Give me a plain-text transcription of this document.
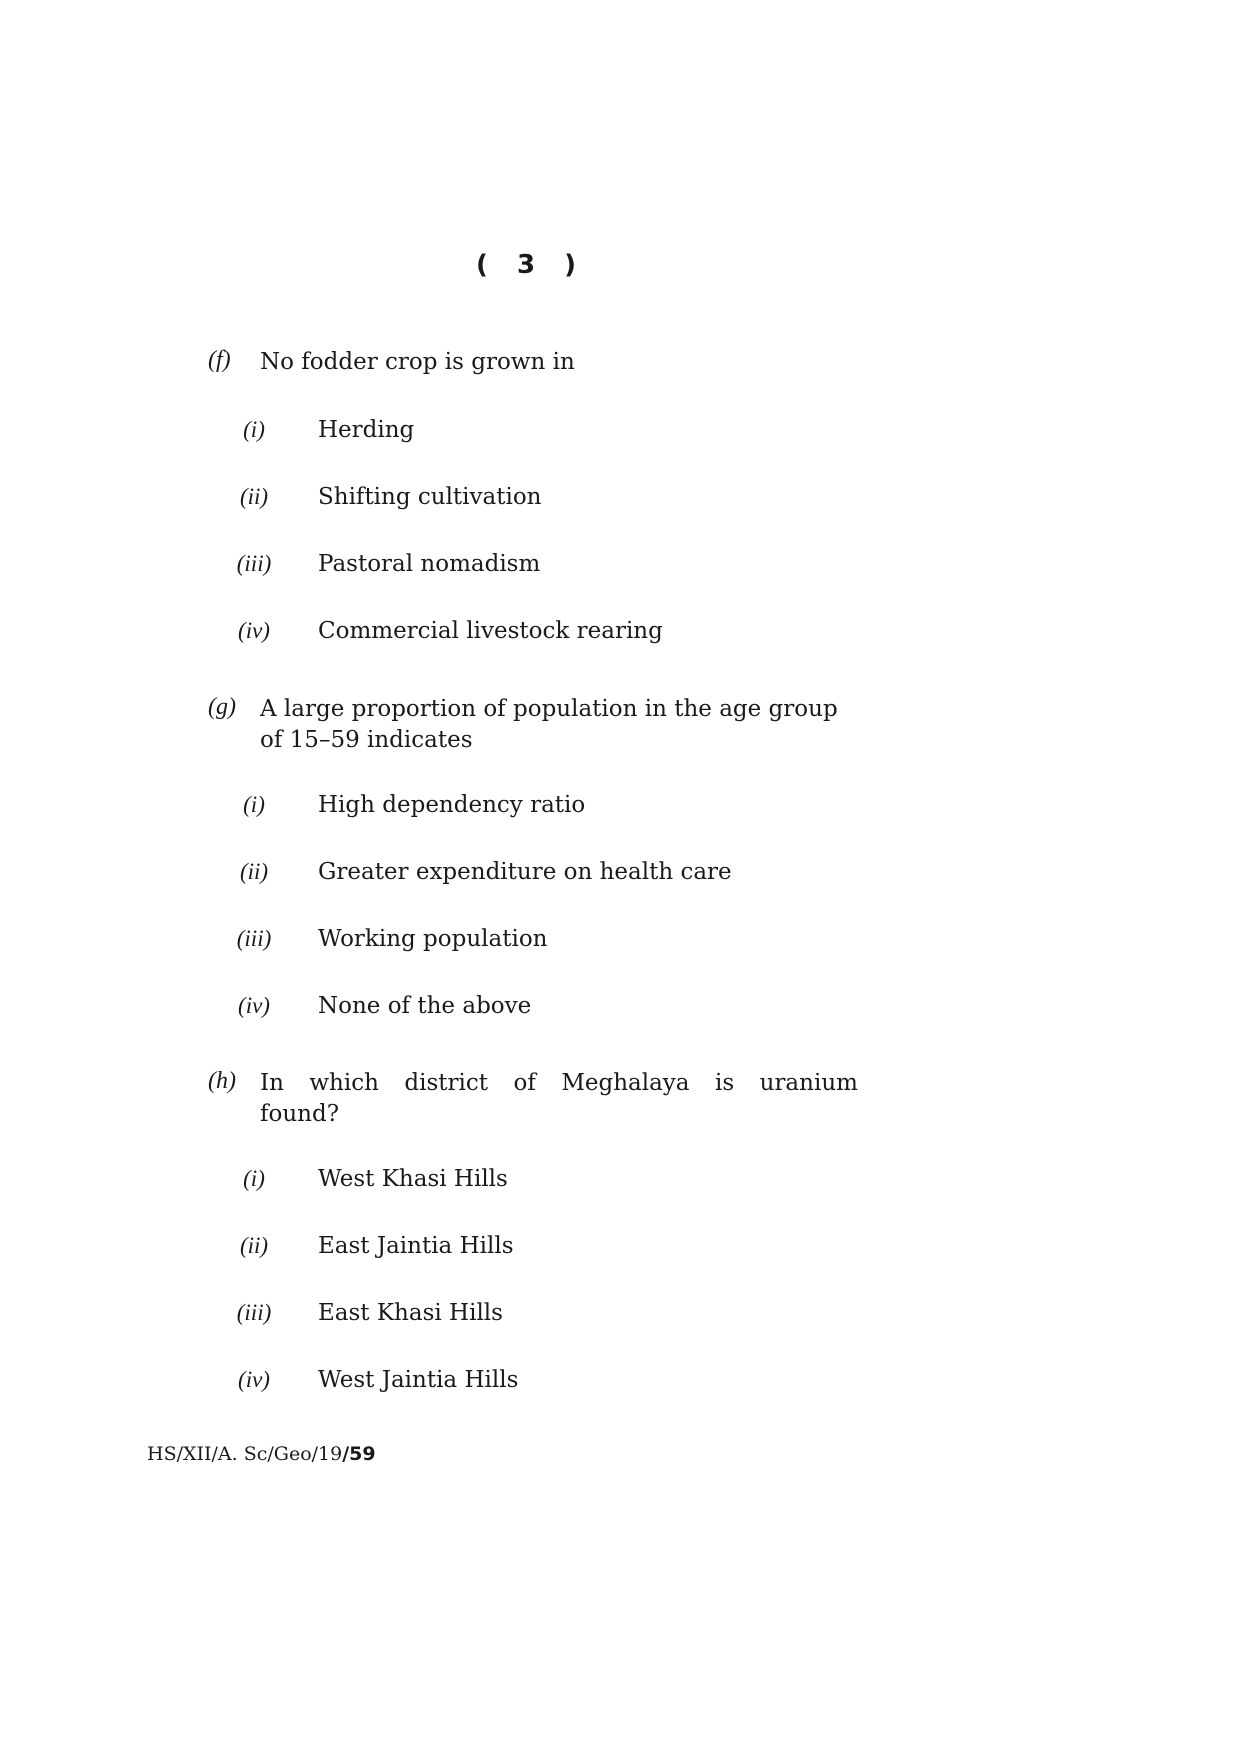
( 3 )
(f) No fodder crop is grown in
(i)	Herding
(ii)	Shifting cultivation
(iii)	Pastoral nomadism
(iv)	Commercial livestock rearing
(g) A large proportion of population in the age group
of 15–59 indicates
(i)	High dependency ratio
(ii)	Greater expenditure on health care
(iii)	Working population
(iv)	None of the above
(h) In which district of Meghalaya is uranium
found?
(i)	West Khasi Hills
(ii)	East Jaintia Hills
(iii)	East Khasi Hills
(iv)	West Jaintia Hills
HS/XII/A. Sc/Geo/19/59
